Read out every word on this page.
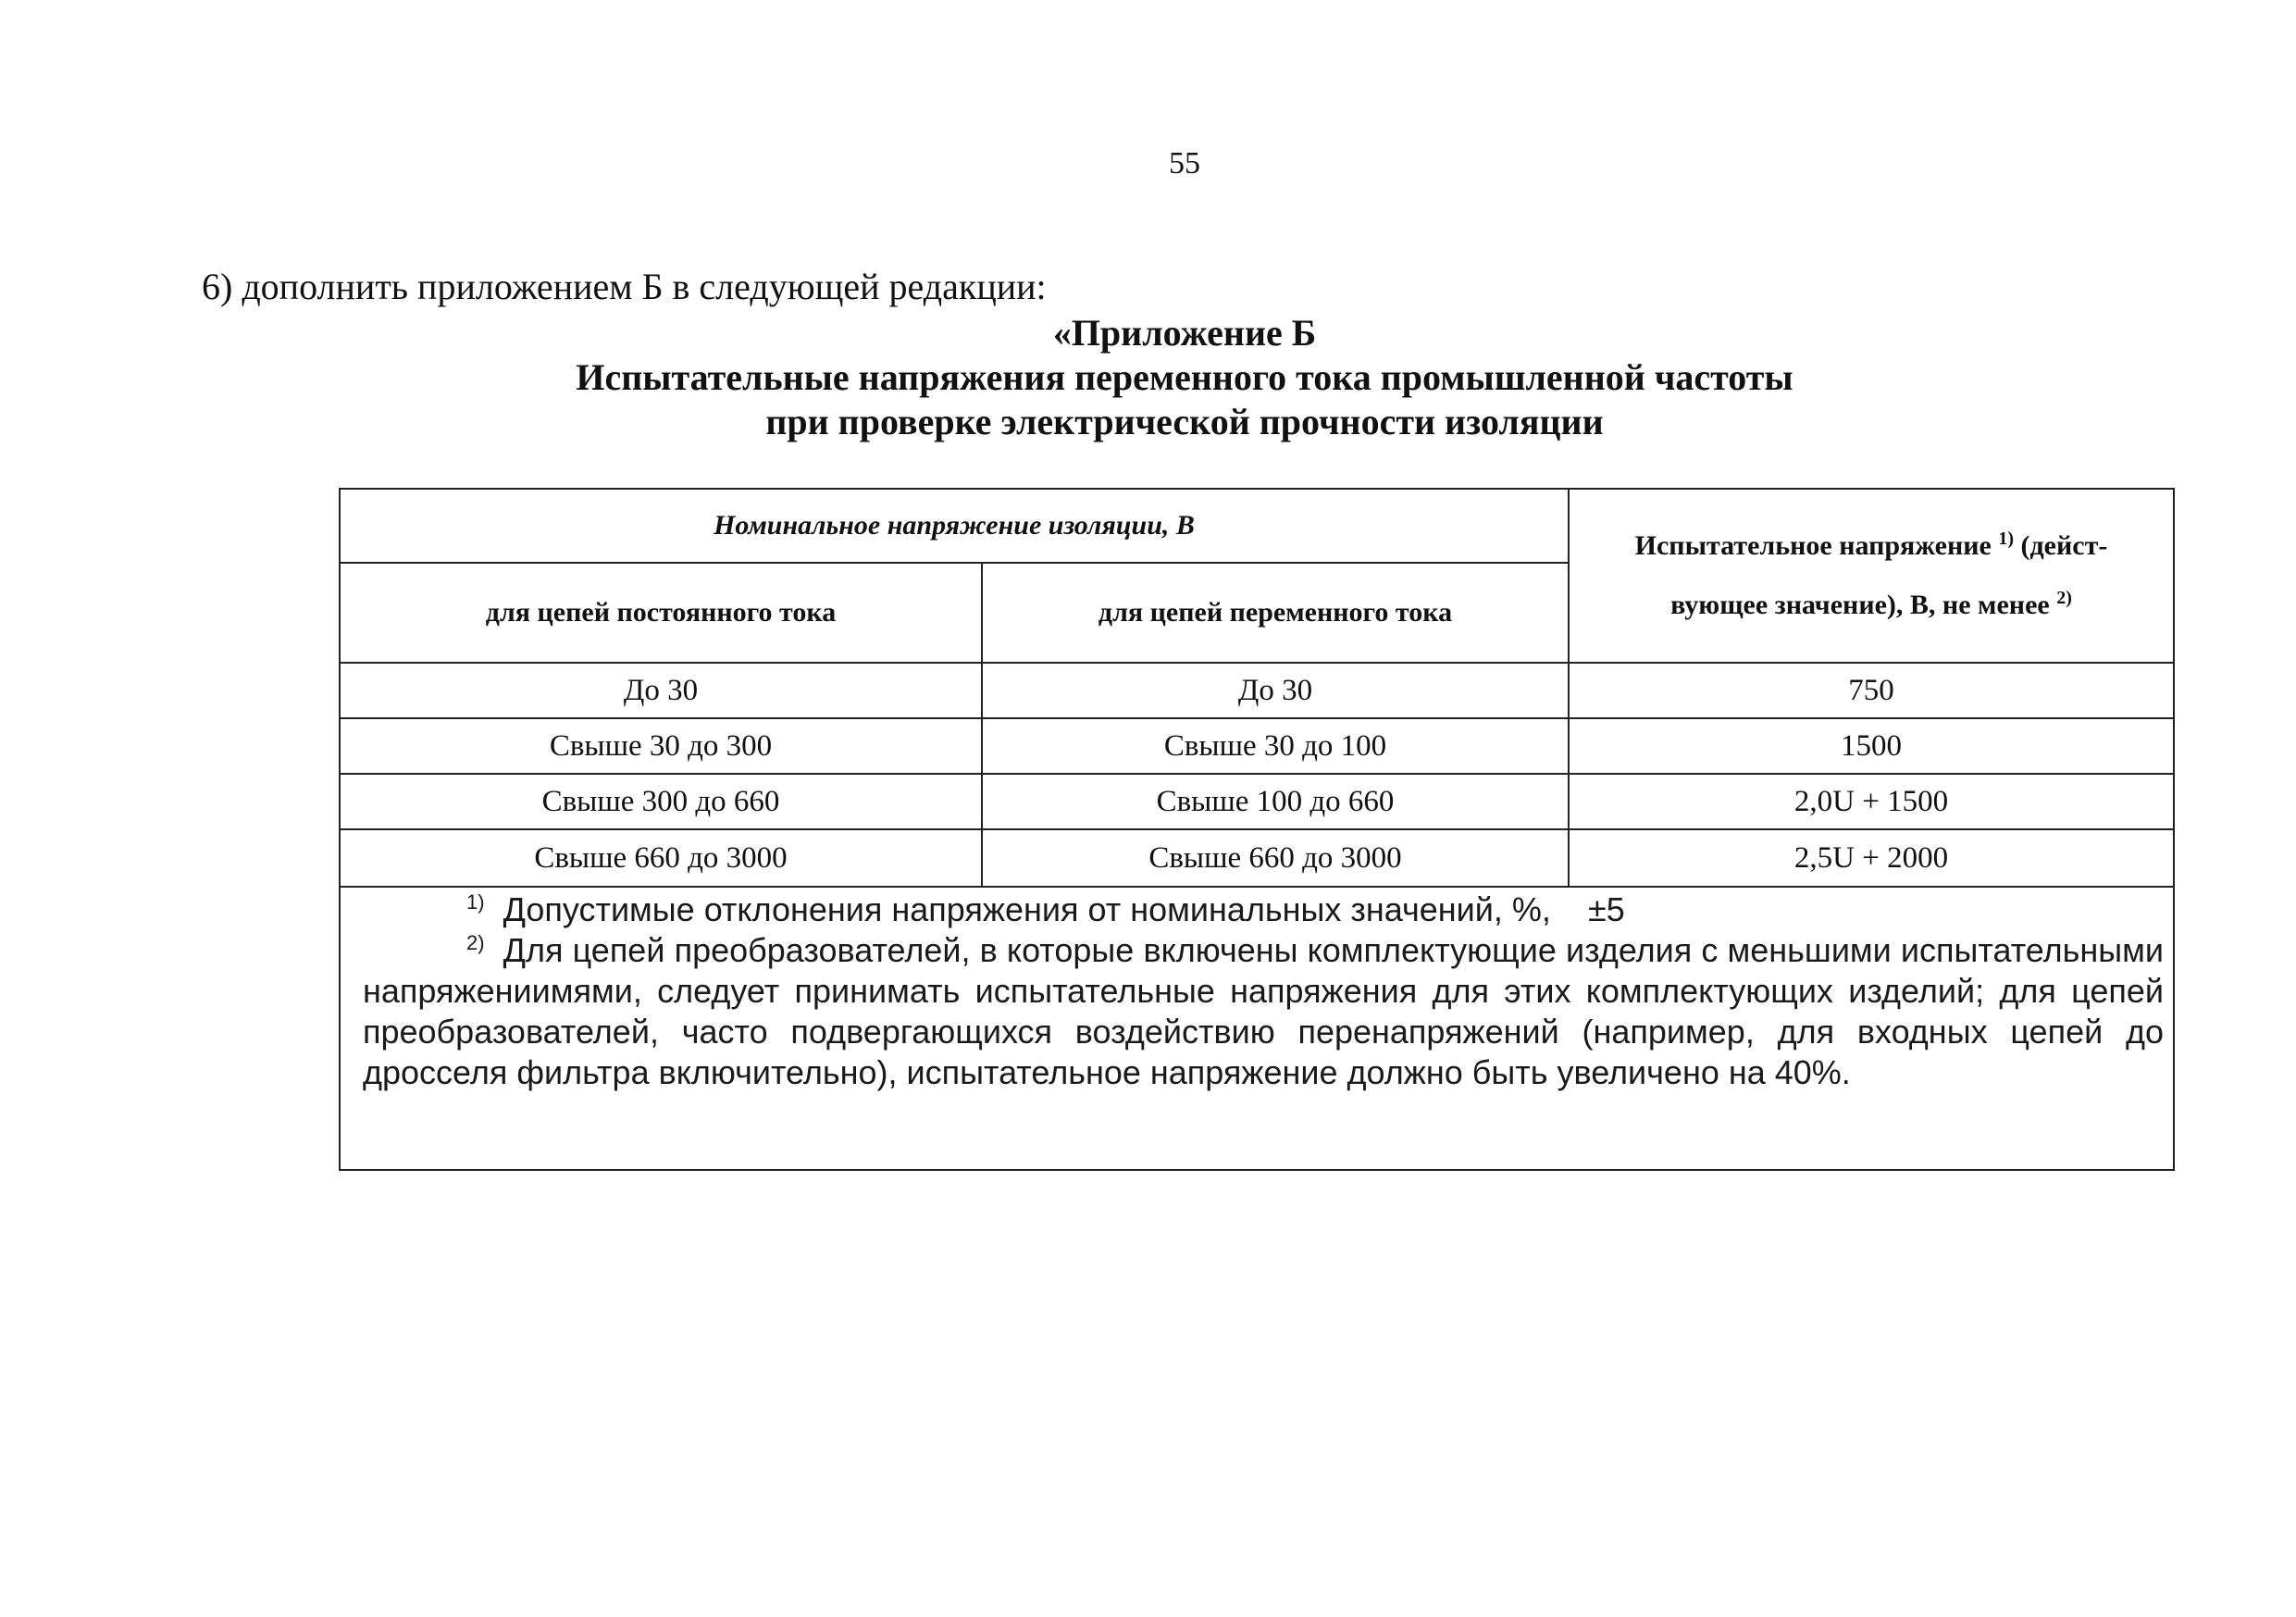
55
6) дополнить приложением Б в следующей редакции:
«Приложение Б
Испытательные напряжения переменного тока промышленной частоты
при проверке электрической прочности изоляции
Номинальное напряжение изоляции, В
для цепей постоянного тока	для цепей переменного тока
Испытательное напряжение $^{1)}$ (дейст-
вующее значение), В, не менее $^{2)}$
До 30	До 30	750
Свыше 30 до 300	Свыше 30 до 100	1500
Свыше 300 до 660	Свыше 100 до 660	2,0U + 1500
Свыше 660 до 3000	Свыше 660 до 3000	2,5U + 2000
$^{1)}$ Допустимые отклонения напряжения от номинальных значений, %, ±5
$^{2)}$ Для цепей преобразователей, в которые включены комплектующие изделия с меньшими испытательными напряжениимями, следует принимать испытательные напряжения для этих комплектующих изделий; для цепей преобразователей, часто подвергающихся воздействию перенапряжений (например, для входных цепей до дросселя фильтра включительно), испытательное напряжение должно быть увеличено на 40%.
